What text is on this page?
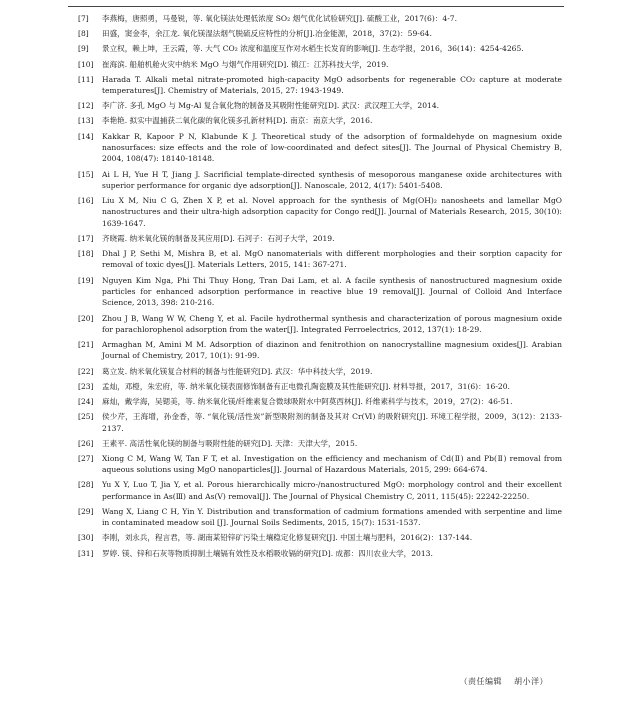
[7] 李燕梅，唐照勇，马曼锐，等. 氧化镁法处理低浓度 SO₂ 烟气优化试验研究[J]. 硫酸工业，2017(6)：4-7.
[8] 田盛，窦金李，余江龙. 氧化镁湿法烟气脱硫反应特性的分析[J].冶金能源，2018，37(2)：59-64.
[9] 景立权，赖上坤，王云霞，等. 大气 CO₂ 浓度和温度互作对水稻生长发育的影响[J]. 生态学报，2016，36(14)：4254-4265.
[10] 崔海滨. 船舶机舱火灾中纳米 MgO 与烟气作用研究[D]. 镇江：江苏科技大学，2019.
[11] Harada T. Alkali metal nitrate-promoted high-capacity MgO adsorbents for regenerable CO₂ capture at moderate temperatures[J]. Chemistry of Materials, 2015, 27: 1943-1949.
[12] 李广济. 多孔 MgO 与 Mg-Al 复合氧化物的制备及其吸附性能研究[D]. 武汉：武汉理工大学，2014.
[13] 李艳艳. 拟实中温捕获二氧化碳的氧化镁多孔新材料[D]. 南京：南京大学，2016.
[14] Kakkar R, Kapoor P N, Klabunde K J. Theoretical study of the adsorption of formaldehyde on magnesium oxide nanosurfaces: size effects and the role of low-coordinated and defect sites[J]. The Journal of Physical Chemistry B, 2004, 108(47): 18140-18148.
[15] Ai L H, Yue H T, Jiang J. Sacrificial template-directed synthesis of mesoporous manganese oxide architectures with superior performance for organic dye adsorption[J]. Nanoscale, 2012, 4(17): 5401-5408.
[16] Liu X M, Niu C G, Zhen X P, et al. Novel approach for the synthesis of Mg(OH)₂ nanosheets and lamellar MgO nanostructures and their ultra-high adsorption capacity for Congo red[J]. Journal of Materials Research, 2015, 30(10): 1639-1647.
[17] 齐晓霞. 纳米氧化镁的制备及其应用[D]. 石河子：石河子大学，2019.
[18] Dhal J P, Sethi M, Mishra B, et al. MgO nanomaterials with different morphologies and their sorption capacity for removal of toxic dyes[J]. Materials Letters, 2015, 141: 367-271.
[19] Nguyen Kim Nga, Phi Thi Thuy Hong, Tran Dai Lam, et al. A facile synthesis of nanostructured magnesium oxide particles for enhanced adsorption performance in reactive blue 19 removal[J]. Journal of Colloid And Interface Science, 2013, 398: 210-216.
[20] Zhou J B, Wang W W, Cheng Y, et al. Facile hydrothermal synthesis and characterization of porous magnesium oxide for parachlorophenol adsorption from the water[J]. Integrated Ferroelectrics, 2012, 137(1): 18-29.
[21] Armaghan M, Amini M M. Adsorption of diazinon and fenitrothion on nanocrystalline magnesium oxides[J]. Arabian Journal of Chemistry, 2017, 10(1): 91-99.
[22] 葛立发. 纳米氧化镁复合材料的制备与性能研究[D]. 武汉：华中科技大学，2019.
[23] 孟灿，邓橙，朱宏府，等. 纳米氧化镁表面修饰制备有正电微孔陶瓷膜及其性能研究[J]. 材料导报，2017，31(6)：16-20.
[24] 麻灿，戴学海，吴锶美，等. 纳米氧化镁/纤维素复合微球吸附水中阿莫西林[J]. 纤维素科学与技术，2019，27(2)：46-51.
[25] 侯少芹，王海增，孙金香，等. “氧化镁/活性炭”新型吸附剂的制备及其对 Cr(Ⅵ) 的吸附研究[J]. 环境工程学报，2009，3(12)：2133-2137.
[26] 王素平. 高活性氧化镁的制备与吸附性能的研究[D]. 天津：天津大学，2015.
[27] Xiong C M, Wang W, Tan F T, et al. Investigation on the efficiency and mechanism of Cd(Ⅱ) and Pb(Ⅱ) removal from aqueous solutions using MgO nanoparticles[J]. Journal of Hazardous Materials, 2015, 299: 664-674.
[28] Yu X Y, Luo T, Jia Y, et al. Porous hierarchically micro-/nanostructured MgO: morphology control and their excellent performance in As(Ⅲ) and As(Ⅴ) removal[J]. The Journal of Physical Chemistry C, 2011, 115(45): 22242-22250.
[29] Wang X, Liang C H, Yin Y. Distribution and transformation of cadmium formations amended with serpentine and lime in contaminated meadow soil [J]. Journal Soils Sediments, 2015, 15(7): 1531-1537.
[30] 李刚，刘永兵，程言君，等. 湖南某铅锌矿污染土壤稳定化修复研究[J]. 中国土壤与肥料，2016(2)：137-144.
[31] 罗婷. 镁、锌和石灰等物质抑制土壤镉有效性及水稻吸收镉的研究[D]. 成都：四川农业大学，2013.
（责任编辑 胡小洋）
